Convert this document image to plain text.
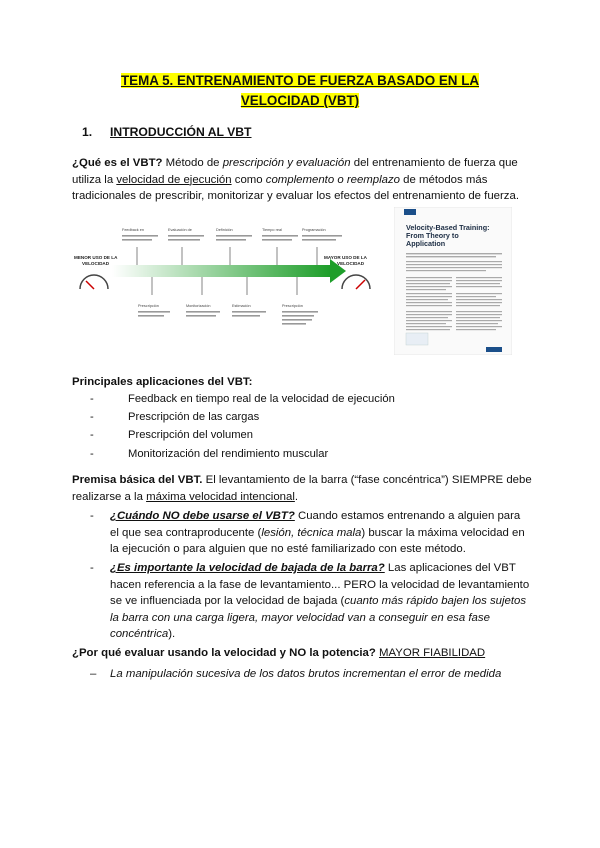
TEMA 5. ENTRENAMIENTO DE FUERZA BASADO EN LA
VELOCIDAD (VBT)
1. INTRODUCCIÓN AL VBT
¿Qué es el VBT? Método de prescripción y evaluación del entrenamiento de fuerza que utiliza la velocidad de ejecución como complemento o reemplazo de métodos más tradicionales de prescribir, monitorizar y evaluar los efectos del entrenamiento de fuerza.
MENOR USO DE LA
VELOCIDAD
MAYOR USO DE LA
VELOCIDAD
Feedback en	Evaluación de	Definición	Tiempo real	Programación
Prescripción	Monitorización	Estimación	Prescripción
Velocity-Based Training:
From Theory to
Application
Principales aplicaciones del VBT:
-	Feedback en tiempo real de la velocidad de ejecución
-	Prescripción de las cargas
-	Prescripción del volumen
-	Monitorización del rendimiento muscular
Premisa básica del VBT. El levantamiento de la barra (“fase concéntrica”) SIEMPRE debe realizarse a la máxima velocidad intencional.
- ¿Cuándo NO debe usarse el VBT? Cuando estamos entrenando a alguien para el que sea contraproducente (lesión, técnica mala) buscar la máxima velocidad en la ejecución o para alguien que no esté familiarizado con este método.
- ¿Es importante la velocidad de bajada de la barra? Las aplicaciones del VBT hacen referencia a la fase de levantamiento... PERO la velocidad de levantamiento se ve influenciada por la velocidad de bajada (cuanto más rápido bajen los sujetos la barra con una carga ligera, mayor velocidad van a conseguir en esa fase concéntrica).
¿Por qué evaluar usando la velocidad y NO la potencia? MAYOR FIABILIDAD
– La manipulación sucesiva de los datos brutos incrementan el error de medida
